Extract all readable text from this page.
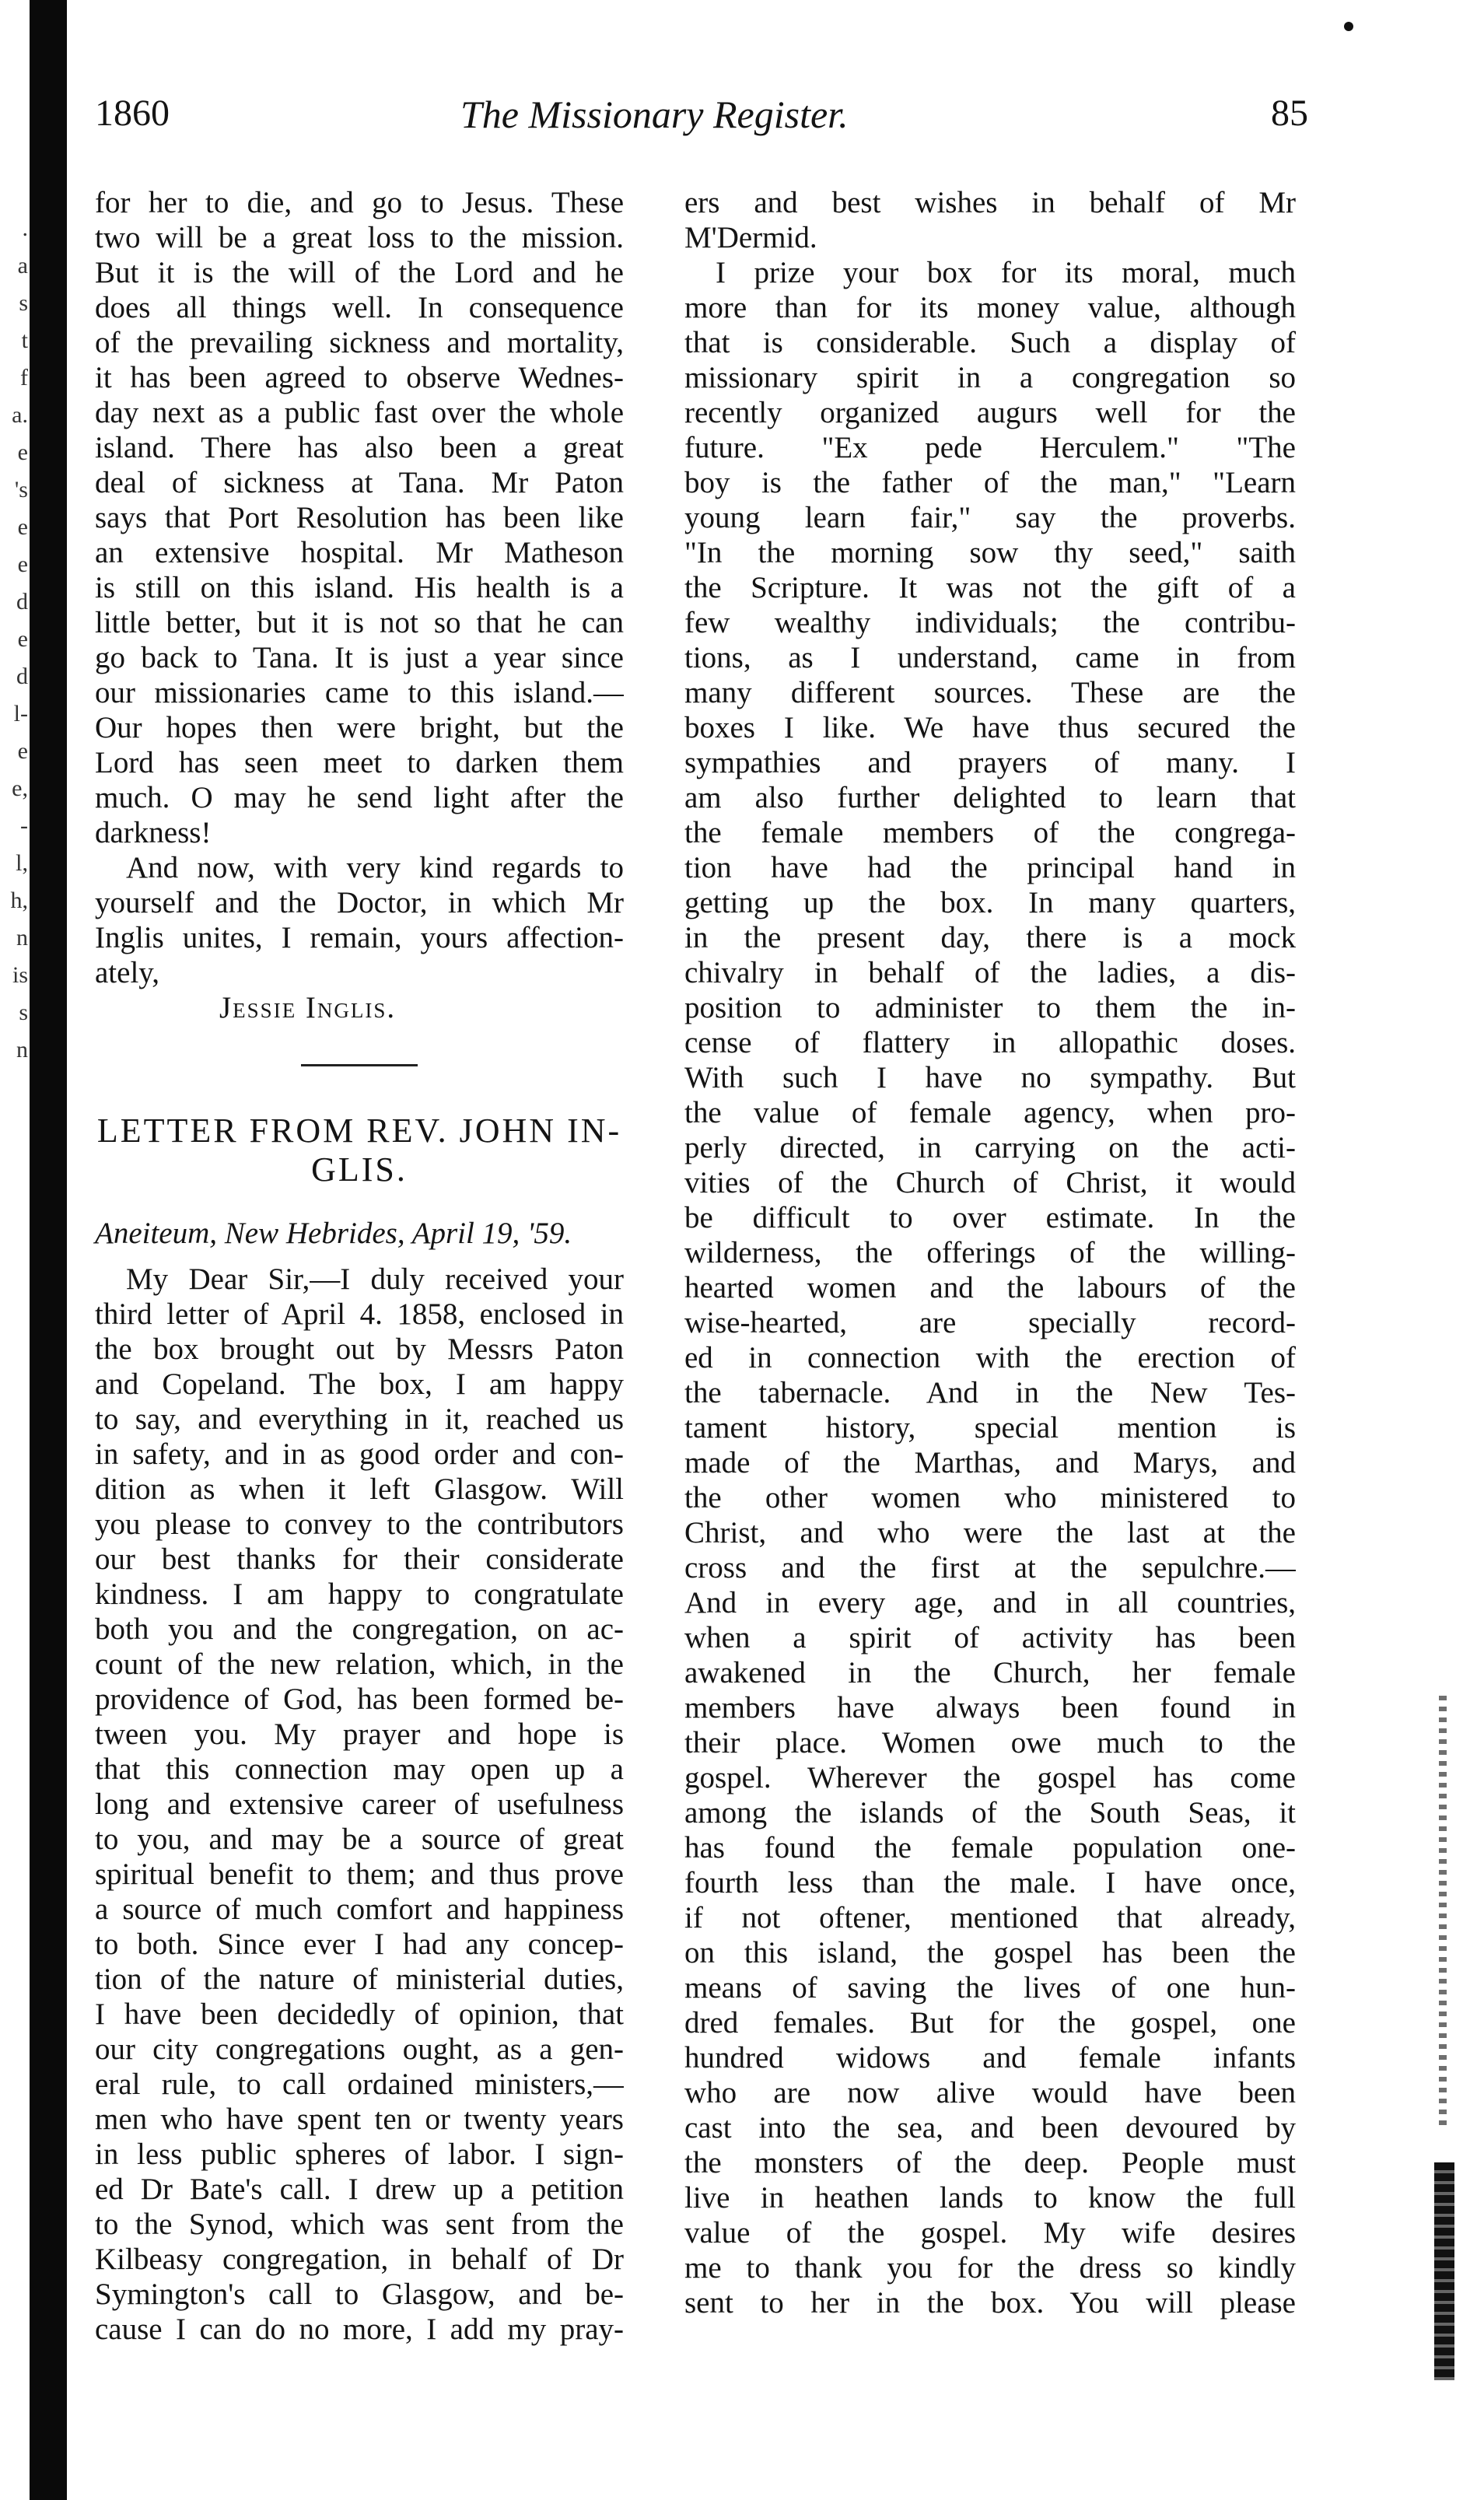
.
a
s
t
f
a.
e
's
e
e
d
e
d
l-
e
e,
-
l,
h,
n
is
s
n
1860	The Missionary Register.	85
for her to die, and go to Jesus. These
two will be a great loss to the mission.
But it is the will of the Lord and he
does all things well. In consequence
of the prevailing sickness and mortality,
it has been agreed to observe Wednes-
day next as a public fast over the whole
island. There has also been a great
deal of sickness at Tana. Mr Paton
says that Port Resolution has been like
an extensive hospital. Mr Matheson
is still on this island. His health is a
little better, but it is not so that he can
go back to Tana. It is just a year since
our missionaries came to this island.—
Our hopes then were bright, but the
Lord has seen meet to darken them
much. O may he send light after the
darkness!
And now, with very kind regards to
yourself and the Doctor, in which Mr
Inglis unites, I remain, yours affection-
ately,
Jessie Inglis.
LETTER FROM REV. JOHN IN-
GLIS.
Aneiteum, New Hebrides, April 19, '59.
My Dear Sir,—I duly received your
third letter of April 4. 1858, enclosed in
the box brought out by Messrs Paton
and Copeland. The box, I am happy
to say, and everything in it, reached us
in safety, and in as good order and con-
dition as when it left Glasgow. Will
you please to convey to the contributors
our best thanks for their considerate
kindness. I am happy to congratulate
both you and the congregation, on ac-
count of the new relation, which, in the
providence of God, has been formed be-
tween you. My prayer and hope is
that this connection may open up a
long and extensive career of usefulness
to you, and may be a source of great
spiritual benefit to them; and thus prove
a source of much comfort and happiness
to both. Since ever I had any concep-
tion of the nature of ministerial duties,
I have been decidedly of opinion, that
our city congregations ought, as a gen-
eral rule, to call ordained ministers,—
men who have spent ten or twenty years
in less public spheres of labor. I sign-
ed Dr Bate's call. I drew up a petition
to the Synod, which was sent from the
Kilbeasy congregation, in behalf of Dr
Symington's call to Glasgow, and be-
cause I can do no more, I add my pray-
ers and best wishes in behalf of Mr
M'Dermid.
I prize your box for its moral, much
more than for its money value, although
that is considerable. Such a display of
missionary spirit in a congregation so
recently organized augurs well for the
future. "Ex pede Herculem." "The
boy is the father of the man," "Learn
young learn fair," say the proverbs.
"In the morning sow thy seed," saith
the Scripture. It was not the gift of a
few wealthy individuals; the contribu-
tions, as I understand, came in from
many different sources. These are the
boxes I like. We have thus secured the
sympathies and prayers of many. I
am also further delighted to learn that
the female members of the congrega-
tion have had the principal hand in
getting up the box. In many quarters,
in the present day, there is a mock
chivalry in behalf of the ladies, a dis-
position to administer to them the in-
cense of flattery in allopathic doses.
With such I have no sympathy. But
the value of female agency, when pro-
perly directed, in carrying on the acti-
vities of the Church of Christ, it would
be difficult to over estimate. In the
wilderness, the offerings of the willing-
hearted women and the labours of the
wise-hearted, are specially record-
ed in connection with the erection of
the tabernacle. And in the New Tes-
tament history, special mention is
made of the Marthas, and Marys, and
the other women who ministered to
Christ, and who were the last at the
cross and the first at the sepulchre.—
And in every age, and in all countries,
when a spirit of activity has been
awakened in the Church, her female
members have always been found in
their place. Women owe much to the
gospel. Wherever the gospel has come
among the islands of the South Seas, it
has found the female population one-
fourth less than the male. I have once,
if not oftener, mentioned that already,
on this island, the gospel has been the
means of saving the lives of one hun-
dred females. But for the gospel, one
hundred widows and female infants
who are now alive would have been
cast into the sea, and been devoured by
the monsters of the deep. People must
live in heathen lands to know the full
value of the gospel. My wife desires
me to thank you for the dress so kindly
sent to her in the box. You will please
